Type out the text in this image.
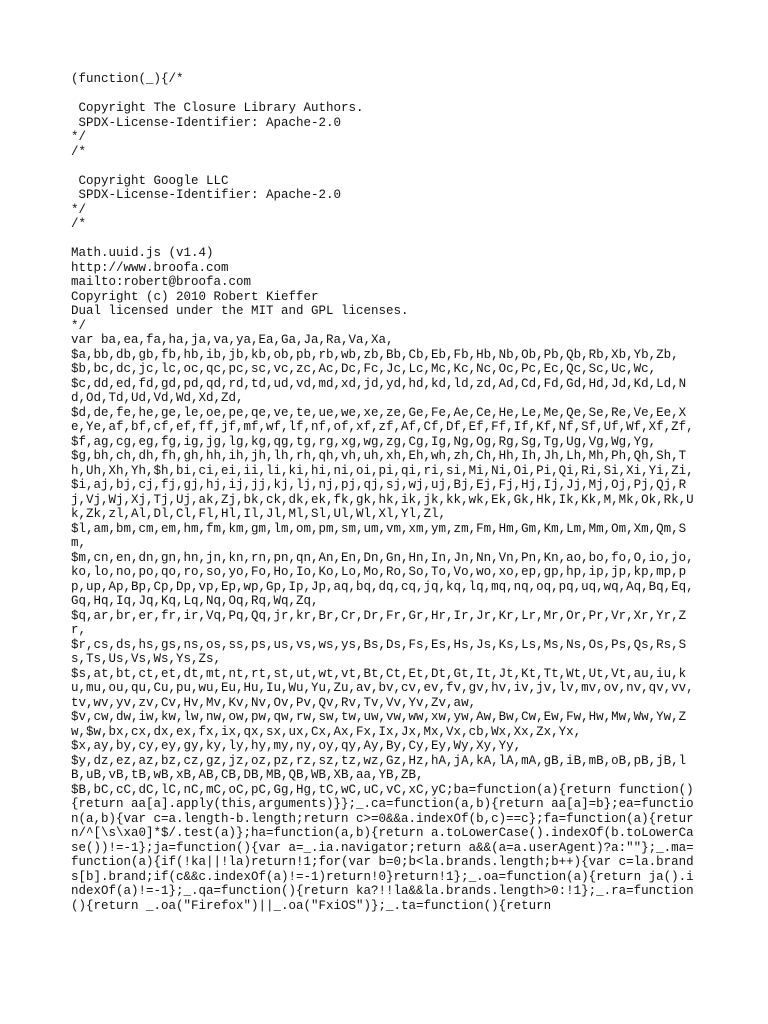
(function(_){/*

Copyright The Closure Library Authors.
SPDX-License-Identifier: Apache-2.0
*/
/*

Copyright Google LLC
SPDX-License-Identifier: Apache-2.0
*/
/*

Math.uuid.js (v1.4)
http://www.broofa.com
mailto:robert@broofa.com
Copyright (c) 2010 Robert Kieffer
Dual licensed under the MIT and GPL licenses.
*/
var ba,ea,fa,ha,ja,va,ya,Ea,Ga,Ja,Ra,Va,Xa,
$a,bb,db,gb,fb,hb,ib,jb,kb,ob,pb,rb,wb,zb,Bb,Cb,Eb,Fb,Hb,Nb,Ob,Pb,Qb,Rb,Xb,Yb,Zb,
$b,bc,dc,jc,lc,oc,qc,pc,sc,vc,zc,Ac,Dc,Fc,Jc,Lc,Mc,Kc,Nc,Oc,Pc,Ec,Qc,Sc,Uc,Wc,
$c,dd,ed,fd,gd,pd,qd,rd,td,ud,vd,md,xd,jd,yd,hd,kd,ld,zd,Ad,Cd,Fd,Gd,Hd,Jd,Kd,Ld,Nd,Od,Td,Ud,Vd,Wd,Xd,Zd,
$d,de,fe,he,ge,le,oe,pe,qe,ve,te,ue,we,xe,ze,Ge,Fe,Ae,Ce,He,Le,Me,Qe,Se,Re,Ve,Ee,Xe,Ye,af,bf,cf,ef,ff,jf,mf,wf,lf,nf,of,xf,zf,Af,Cf,Df,Ef,Ff,If,Kf,Nf,Sf,Uf,Wf,Xf,Zf,
$f,ag,cg,eg,fg,ig,jg,lg,kg,qg,tg,rg,xg,wg,zg,Cg,Ig,Ng,Og,Rg,Sg,Tg,Ug,Vg,Wg,Yg,
$g,bh,ch,dh,fh,gh,hh,ih,jh,lh,rh,qh,vh,uh,xh,Eh,wh,zh,Ch,Hh,Ih,Jh,Lh,Mh,Ph,Qh,Sh,Th,Uh,Xh,Yh,$h,bi,ci,ei,ii,li,ki,hi,ni,oi,pi,qi,ri,si,Mi,Ni,Oi,Pi,Qi,Ri,Si,Xi,Yi,Zi,
$i,aj,bj,cj,fj,gj,hj,ij,jj,kj,lj,nj,pj,qj,sj,wj,uj,Bj,Ej,Fj,Hj,Ij,Jj,Mj,Oj,Pj,Qj,Rj,Vj,Wj,Xj,Tj,Uj,ak,Zj,bk,ck,dk,ek,fk,gk,hk,ik,jk,kk,wk,Ek,Gk,Hk,Ik,Kk,M,Mk,Ok,Rk,Uk,Zk,zl,Al,Dl,Cl,Fl,Hl,Il,Jl,Ml,Sl,Ul,Wl,Xl,Yl,Zl,
$l,am,bm,cm,em,hm,fm,km,gm,lm,om,pm,sm,um,vm,xm,ym,zm,Fm,Hm,Gm,Km,Lm,Mm,Om,Xm,Qm,Sm,
$m,cn,en,dn,gn,hn,jn,kn,rn,pn,qn,An,En,Dn,Gn,Hn,In,Jn,Nn,Vn,Pn,Kn,ao,bo,fo,O,io,jo,ko,lo,no,po,qo,ro,so,yo,Fo,Ho,Io,Ko,Lo,Mo,Ro,So,To,Vo,wo,xo,ep,gp,hp,ip,jp,kp,mp,pp,up,Ap,Bp,Cp,Dp,vp,Ep,wp,Gp,Ip,Jp,aq,bq,dq,cq,jq,kq,lq,mq,nq,oq,pq,uq,wq,Aq,Bq,Eq,Gq,Hq,Iq,Jq,Kq,Lq,Nq,Oq,Rq,Wq,Zq,
$q,ar,br,er,fr,ir,Vq,Pq,Qq,jr,kr,Br,Cr,Dr,Fr,Gr,Hr,Ir,Jr,Kr,Lr,Mr,Or,Pr,Vr,Xr,Yr,Zr,
$r,cs,ds,hs,gs,ns,os,ss,ps,us,vs,ws,ys,Bs,Ds,Fs,Es,Hs,Js,Ks,Ls,Ms,Ns,Os,Ps,Qs,Rs,Ss,Ts,Us,Vs,Ws,Ys,Zs,
$s,at,bt,ct,et,dt,mt,nt,rt,st,ut,wt,vt,Bt,Ct,Et,Dt,Gt,It,Jt,Kt,Tt,Wt,Ut,Vt,au,iu,ku,mu,ou,qu,Cu,pu,wu,Eu,Hu,Iu,Wu,Yu,Zu,av,bv,cv,ev,fv,gv,hv,iv,jv,lv,mv,ov,nv,qv,vv,tv,wv,yv,zv,Cv,Hv,Mv,Kv,Nv,Ov,Pv,Qv,Rv,Tv,Vv,Yv,Zv,aw,
$v,cw,dw,iw,kw,lw,nw,ow,pw,qw,rw,sw,tw,uw,vw,ww,xw,yw,Aw,Bw,Cw,Ew,Fw,Hw,Mw,Ww,Yw,Zw,$w,bx,cx,dx,ex,fx,ix,qx,sx,ux,Cx,Ax,Fx,Ix,Jx,Mx,Vx,cb,Wx,Xx,Zx,Yx,
$x,ay,by,cy,ey,gy,ky,ly,hy,my,ny,oy,qy,Ay,By,Cy,Ey,Wy,Xy,Yy,
$y,dz,ez,az,bz,cz,gz,jz,oz,pz,rz,sz,tz,wz,Gz,Hz,hA,jA,kA,lA,mA,gB,iB,mB,oB,pB,jB,lB,uB,vB,tB,wB,xB,AB,CB,DB,MB,QB,WB,XB,aa,YB,ZB,
$B,bC,cC,dC,lC,nC,mC,oC,pC,Gg,Hg,tC,wC,uC,vC,xC,yC;ba=function(a){return function(){return aa[a].apply(this,arguments)}};_.ca=function(a,b){return aa[a]=b};ea=function(a,b){var c=a.length-b.length;return c>=0&&a.indexOf(b,c)==c};fa=function(a){return/^[\s\xa0]*$/.test(a)};ha=function(a,b){return a.toLowerCase().indexOf(b.toLowerCase())!=-1};ja=function(){var a=_.ia.navigator;return a&&(a=a.userAgent)?a:""};_.ma=function(a){if(!ka||!la)return!1;for(var b=0;b<la.brands.length;b++){var c=la.brands[b].brand;if(c&&c.indexOf(a)!=-1)return!0}return!1};_.oa=function(a){return ja().indexOf(a)!=-1};_.qa=function(){return ka?!!la&&la.brands.length>0:!1};_.ra=function(){return _.oa("Firefox")||_.oa("FxiOS")};_.ta=function(){return
